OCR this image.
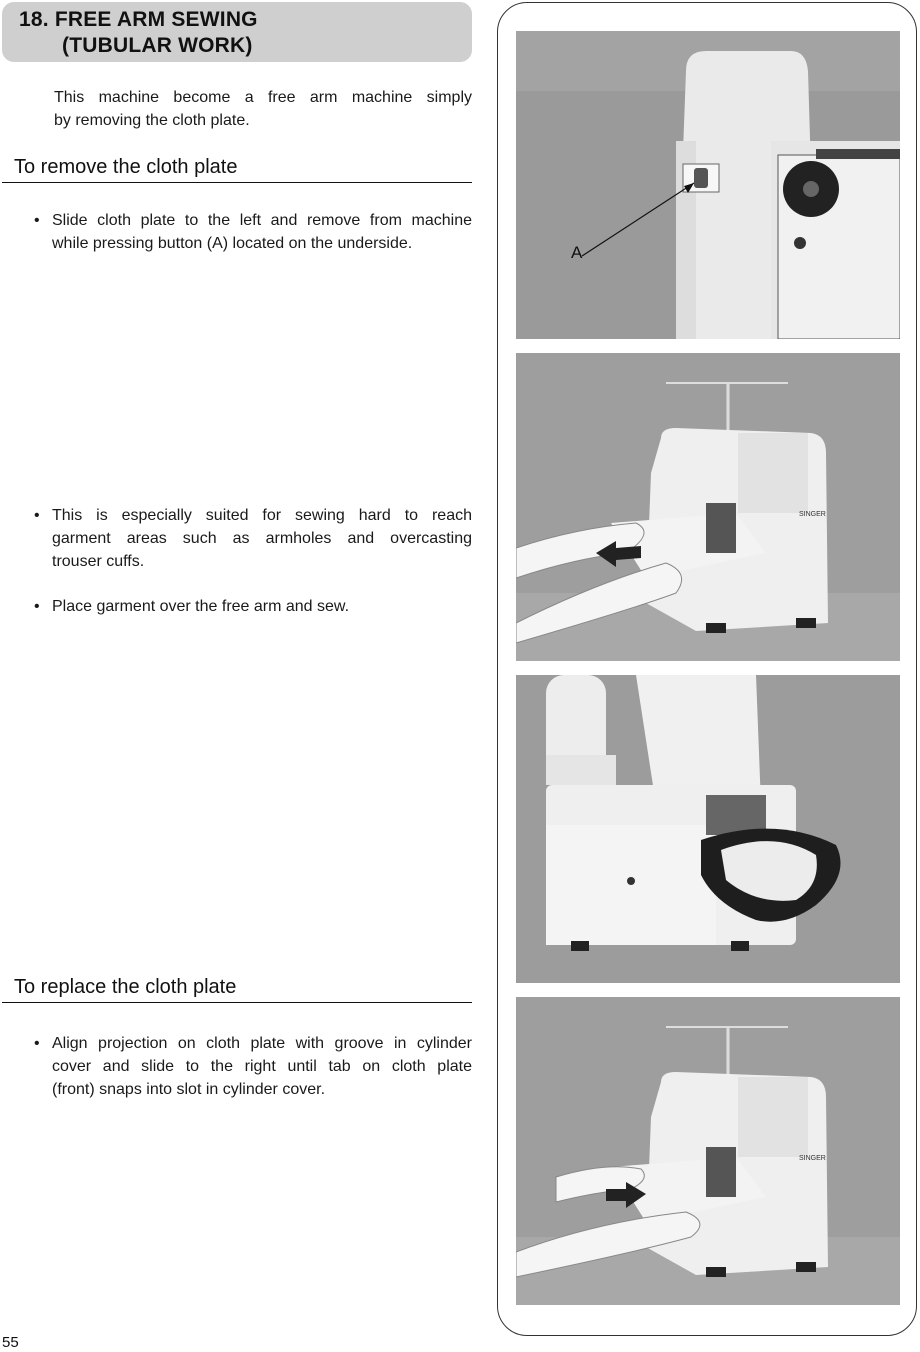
18. FREE ARM SEWING
(TUBULAR WORK)
This machine become a free arm machine simply
by removing the cloth plate.
To remove the cloth plate
• Slide cloth plate to the left and remove from machine
while pressing button (A) located on the underside.
• This is especially suited for sewing hard to reach
garment areas such as armholes and overcasting
trouser cuffs.
• Place garment over the free arm and sew.
To replace the cloth plate
• Align projection on cloth plate with groove in cylinder
cover and slide to the right until tab on cloth plate
(front) snaps into slot in cylinder cover.
A
SINGER
SINGER
55
